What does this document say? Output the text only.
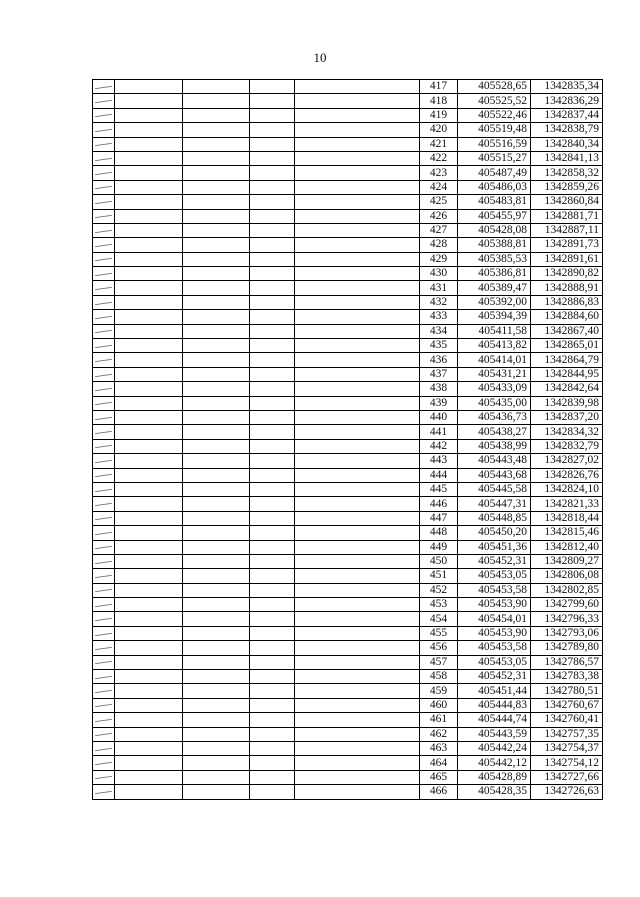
10
					417	405528,65	1342835,34
					418	405525,52	1342836,29
					419	405522,46	1342837,44
					420	405519,48	1342838,79
					421	405516,59	1342840,34
					422	405515,27	1342841,13
					423	405487,49	1342858,32
					424	405486,03	1342859,26
					425	405483,81	1342860,84
					426	405455,97	1342881,71
					427	405428,08	1342887,11
					428	405388,81	1342891,73
					429	405385,53	1342891,61
					430	405386,81	1342890,82
					431	405389,47	1342888,91
					432	405392,00	1342886,83
					433	405394,39	1342884,60
					434	405411,58	1342867,40
					435	405413,82	1342865,01
					436	405414,01	1342864,79
					437	405431,21	1342844,95
					438	405433,09	1342842,64
					439	405435,00	1342839,98
					440	405436,73	1342837,20
					441	405438,27	1342834,32
					442	405438,99	1342832,79
					443	405443,48	1342827,02
					444	405443,68	1342826,76
					445	405445,58	1342824,10
					446	405447,31	1342821,33
					447	405448,85	1342818,44
					448	405450,20	1342815,46
					449	405451,36	1342812,40
					450	405452,31	1342809,27
					451	405453,05	1342806,08
					452	405453,58	1342802,85
					453	405453,90	1342799,60
					454	405454,01	1342796,33
					455	405453,90	1342793,06
					456	405453,58	1342789,80
					457	405453,05	1342786,57
					458	405452,31	1342783,38
					459	405451,44	1342780,51
					460	405444,83	1342760,67
					461	405444,74	1342760,41
					462	405443,59	1342757,35
					463	405442,24	1342754,37
					464	405442,12	1342754,12
					465	405428,89	1342727,66
					466	405428,35	1342726,63
